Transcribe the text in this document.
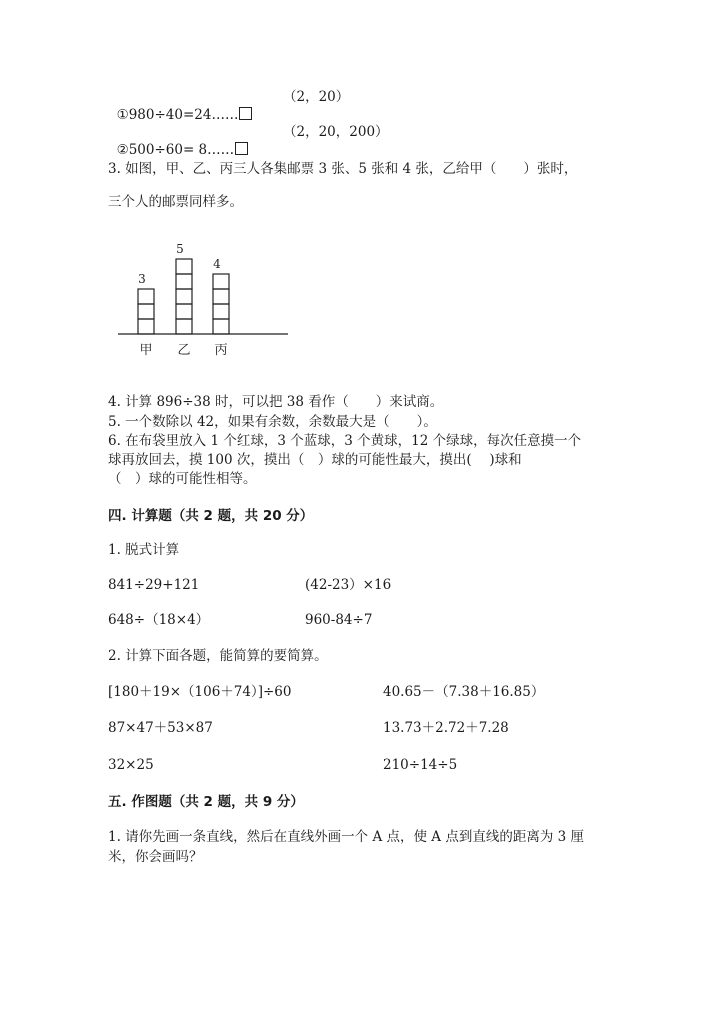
①980÷40=24……

（2，20）

②500÷60= 8……

（2，20，200）
3. 如图，甲、乙、丙三人各集邮票 3 张、5 张和 4 张，乙给甲（　　）张时，
三个人的邮票同样多。
3
甲
5
乙
4
丙
4. 计算 896÷38 时，可以把 38 看作（　　）来试商。
5. 一个数除以 42，如果有余数，余数最大是（　　）。
6. 在布袋里放入 1 个红球，3 个蓝球，3 个黄球，12 个绿球，每次任意摸一个
球再放回去，摸 100 次，摸出（　）球的可能性最大，摸出(　 )球和
（　）球的可能性相等。
四. 计算题（共 2 题，共 20 分）
1. 脱式计算
841÷29+121	(42-23）×16
648÷（18×4）	960-84÷7
2. 计算下面各题，能简算的要简算。
[180＋19×（106＋74）]÷60	40.65－（7.38＋16.85）
87×47＋53×87	13.73＋2.72＋7.28
32×25	210÷14÷5
五. 作图题（共 2 题，共 9 分）
1. 请你先画一条直线，然后在直线外画一个 A 点，使 A 点到直线的距离为 3 厘
米，你会画吗？
